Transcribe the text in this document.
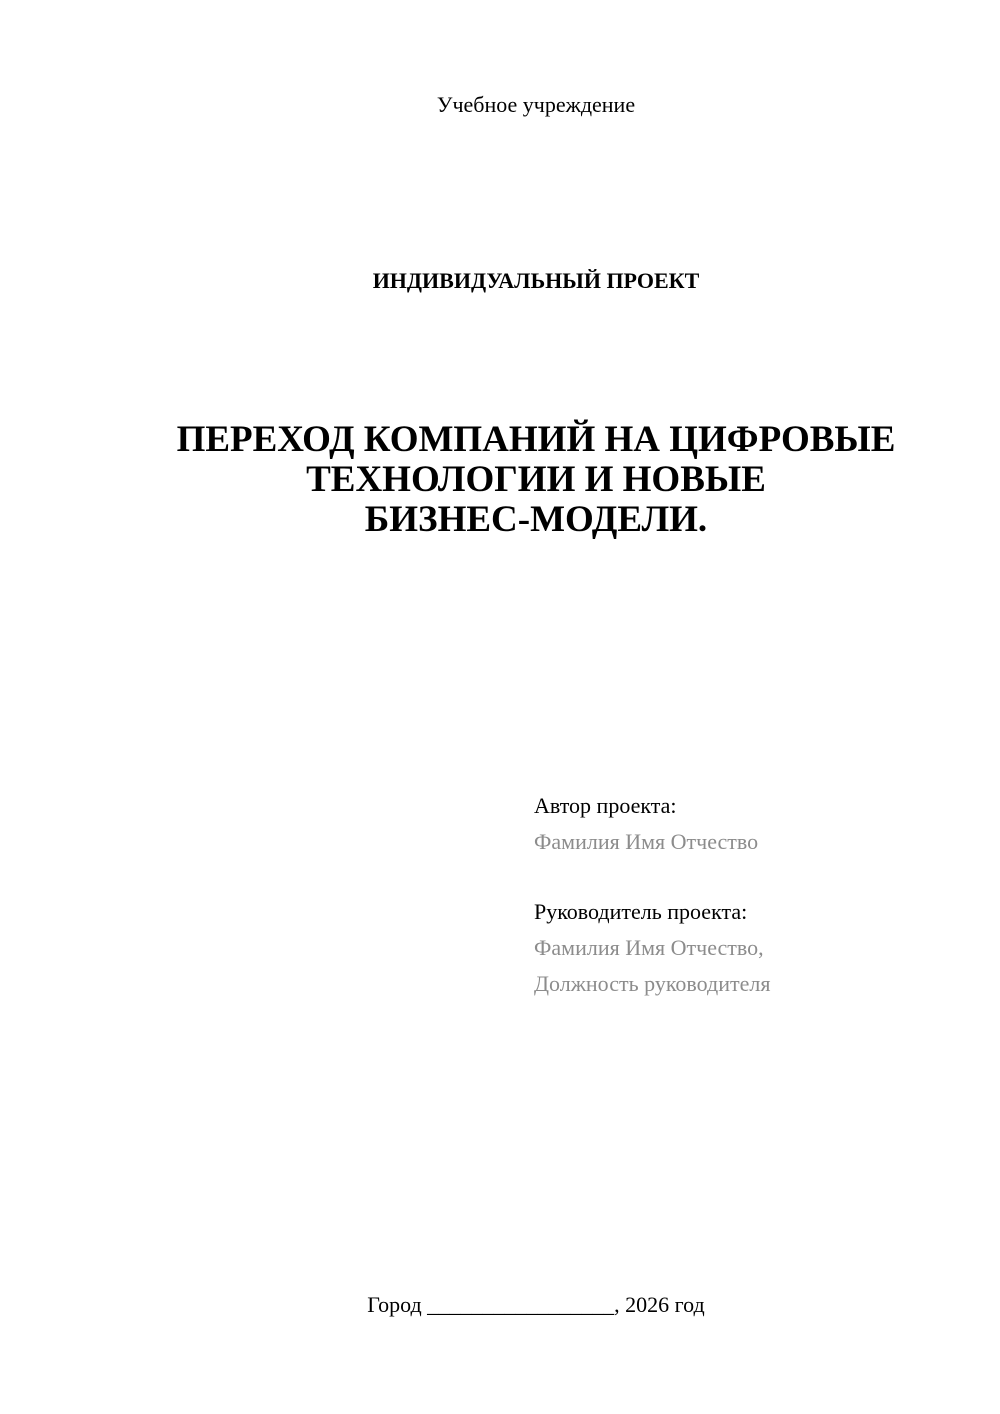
Учебное учреждение
ИНДИВИДУАЛЬНЫЙ ПРОЕКТ
ПЕРЕХОД КОМПАНИЙ НА ЦИФРОВЫЕ
ТЕХНОЛОГИИ И НОВЫЕ
БИЗНЕС-МОДЕЛИ.
Автор проекта:
Фамилия Имя Отчество
Руководитель проекта:
Фамилия Имя Отчество,
Должность руководителя
Город _________________, 2026 год
